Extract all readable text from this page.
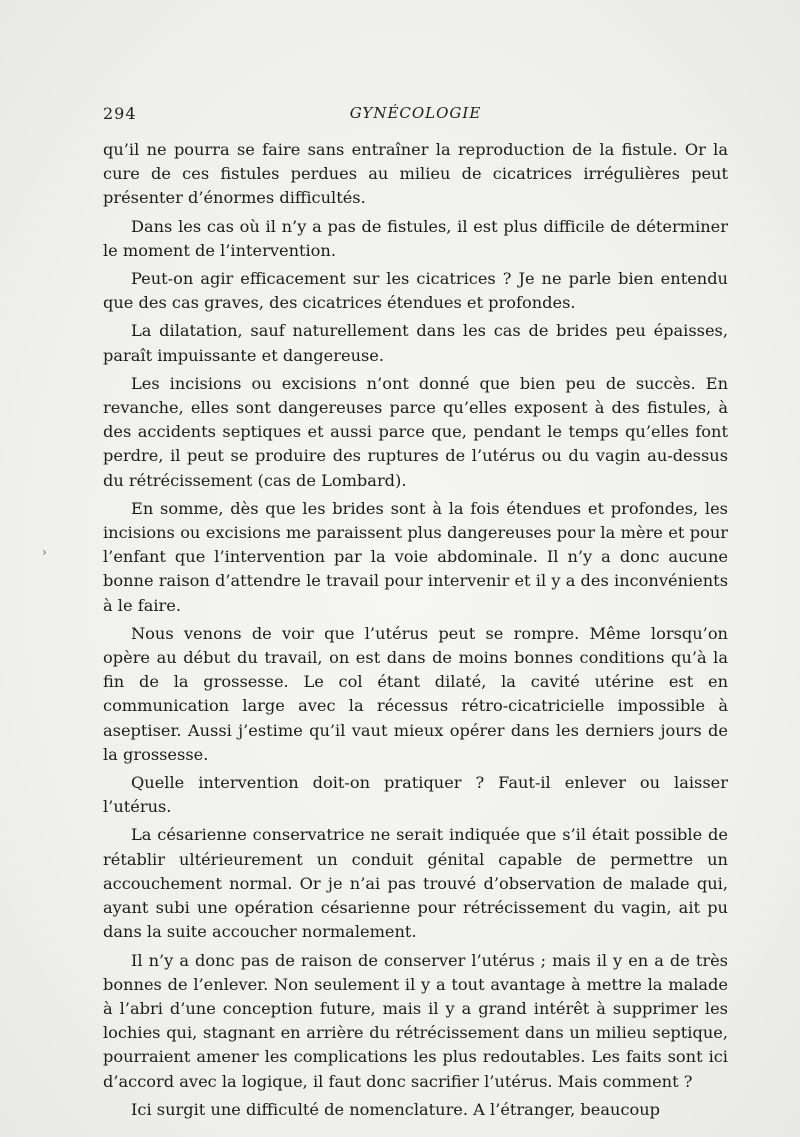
294	GYNÉCOLOGIE

qu’il ne pourra se faire sans entraîner la reproduction de la fistule. Or la cure de ces fistules perdues au milieu de cicatrices irrégulières peut présenter d’énormes difficultés.

Dans les cas où il n’y a pas de fistules, il est plus difficile de déterminer le moment de l’intervention.

Peut-on agir efficacement sur les cicatrices ? Je ne parle bien entendu que des cas graves, des cicatrices étendues et profondes.

La dilatation, sauf naturellement dans les cas de brides peu épaisses, paraît impuissante et dangereuse.

Les incisions ou excisions n’ont donné que bien peu de succès. En revanche, elles sont dangereuses parce qu’elles exposent à des fistules, à des accidents septiques et aussi parce que, pendant le temps qu’elles font perdre, il peut se produire des ruptures de l’utérus ou du vagin au-dessus du rétrécissement (cas de Lombard).

En somme, dès que les brides sont à la fois étendues et profondes, les incisions ou excisions me paraissent plus dangereuses pour la mère et pour l’enfant que l’intervention par la voie abdominale. Il n’y a donc aucune bonne raison d’attendre le travail pour intervenir et il y a des inconvénients à le faire.

Nous venons de voir que l’utérus peut se rompre. Même lorsqu’on opère au début du travail, on est dans de moins bonnes conditions qu’à la fin de la grossesse. Le col étant dilaté, la cavité utérine est en communication large avec la récessus rétro-cicatricielle impossible à aseptiser. Aussi j’estime qu’il vaut mieux opérer dans les derniers jours de la grossesse.

Quelle intervention doit-on pratiquer ? Faut-il enlever ou laisser l’utérus.

La césarienne conservatrice ne serait indiquée que s’il était possible de rétablir ultérieurement un conduit génital capable de permettre un accouchement normal. Or je n’ai pas trouvé d’observation de malade qui, ayant subi une opération césarienne pour rétrécissement du vagin, ait pu dans la suite accoucher normalement.

Il n’y a donc pas de raison de conserver l’utérus ; mais il y en a de très bonnes de l’enlever. Non seulement il y a tout avantage à mettre la malade à l’abri d’une conception future, mais il y a grand intérêt à supprimer les lochies qui, stagnant en arrière du rétrécissement dans un milieu septique, pourraient amener les complications les plus redoutables. Les faits sont ici d’accord avec la logique, il faut donc sacrifier l’utérus. Mais comment ?

Ici surgit une difficulté de nomenclature. A l’étranger, beaucoup

›
